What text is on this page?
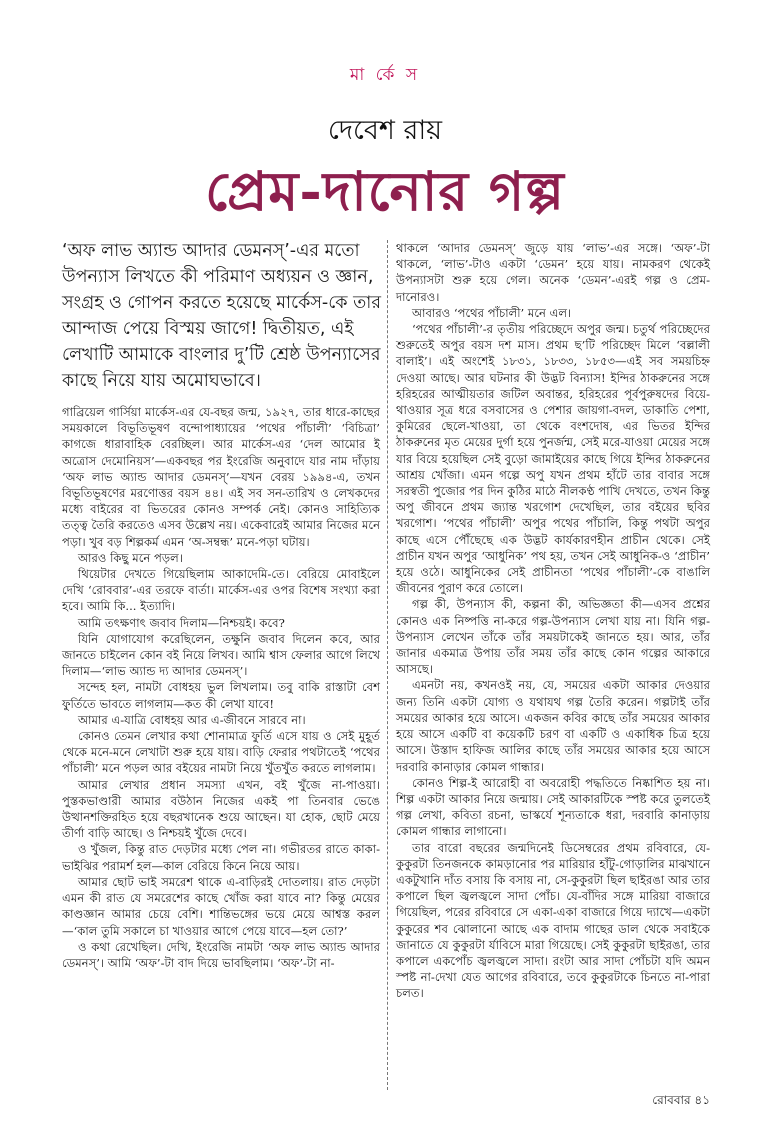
মা র্কে স
দেবেশ রায়
প্রেম-দানোর গল্প
‘অফ লাভ অ্যান্ড আদার ডেমনস্’-এর মতো উপন্যাস লিখতে কী পরিমাণ অধ্যয়ন ও জ্ঞান, সংগ্রহ ও গোপন করতে হয়েছে মার্কেস-কে তার আন্দাজ পেয়ে বিস্ময় জাগে! দ্বিতীয়ত, এই লেখাটি আমাকে বাংলার দু’টি শ্রেষ্ঠ উপন্যাসের কাছে নিয়ে যায় অমোঘভাবে।

গাব্রিয়েল গার্সিয়া মার্কেস-এর যে-বছর জন্ম, ১৯২৭, তার ধারে-কাছের সময়কালে বিভূতিভূষণ বন্দোপাধ্যায়ের ‘পথের পাঁচালী’ ‘বিচিত্রা’ কাগজে ধারাবাহিক বেরচ্ছিল। আর মার্কেস-এর ‘দেল আমোর ই অত্রোস দেমোনিয়স’—একবছর পর ইংরেজি অনুবাদে যার নাম দাঁড়ায় ‘অফ লাভ অ্যান্ড আদার ডেমনস্’—যখন বেরয় ১৯৯৪-এ, তখন বিভূতিভূষণের মরণোত্তর বয়স ৪৪। এই সব সন-তারিখ ও লেখকদের মধ্যে বাইরের বা ভিতরের কোনও সম্পর্ক নেই। কোনও সাহিত্যিক তত্ত্ব তৈরি করতেও এসব উল্লেখ নয়। একেবারেই আমার নিজের মনে পড়া। খুব বড় শিল্পকর্ম এমন ‘অ-সম্বন্ধ’ মনে-পড়া ঘটায়।

আরও কিছু মনে পড়ল।

থিয়েটার দেখতে গিয়েছিলাম আকাদেমি-তে। বেরিয়ে মোবাইলে দেখি ‘রোববার’-এর তরফে বার্তা। মার্কেস-এর ওপর বিশেষ সংখ্যা করা হবে। আমি কি... ইত্যাদি।

আমি তৎক্ষণাৎ জবাব দিলাম—নিশ্চয়ই। কবে?

যিনি যোগাযোগ করেছিলেন, তক্ষুনি জবাব দিলেন কবে, আর জানতে চাইলেন কোন বই নিয়ে লিখব। আমি শ্বাস ফেলার আগে লিখে দিলাম—‘লাভ অ্যান্ড দ্য আদার ডেমনস্’।

সন্দেহ হল, নামটা বোধহয় ভুল লিখলাম। তবু বাকি রাস্তাটা বেশ ফুর্তিতে ভাবতে লাগলাম—কত কী লেখা যাবে!

আমার এ-যাত্রি বোধহয় আর এ-জীবনে সারবে না।

কোনও তেমন লেখার কথা শোনামাত্র ফুর্তি এসে যায় ও সেই মুহূর্ত থেকে মনে-মনে লেখাটা শুরু হয়ে যায়। বাড়ি ফেরার পথটাতেই ‘পথের পাঁচালী’ মনে পড়ল আর বইয়ের নামটা নিয়ে খুঁতখুঁত করতে লাগলাম।

আমার লেখার প্রধান সমস্যা এখন, বই খুঁজে না-পাওয়া। পুস্তকভাণ্ডারী আমার বউঠান নিজের একই পা তিনবার ভেঙে উত্থানশক্তিরহিত হয়ে বছরখানেক শুয়ে আছেন। যা হোক, ছোট মেয়ে তীর্ণা বাড়ি আছে। ও নিশ্চয়ই খুঁজে দেবে।

ও খুঁজল, কিন্তু রাত দেড়টার মধ্যে পেল না। গভীরতর রাতে কাকা-ভাইঝির পরামর্শ হল—কাল বেরিয়ে কিনে নিয়ে আয়।

আমার ছোট ভাই সমরেশ থাকে এ-বাড়িরই দোতলায়। রাত দেড়টা এমন কী রাত যে সমরেশের কাছে খোঁজ করা যাবে না? কিন্তু মেয়ের কাণ্ডজ্ঞান আমার চেয়ে বেশি। শান্তিভঙ্গের ভয়ে মেয়ে আশ্বস্ত করল—‘কাল তুমি সকালে চা খাওয়ার আগে পেয়ে যাবে—হল তো?’

ও কথা রেখেছিল। দেখি, ইংরেজি নামটা ‘অফ লাভ অ্যান্ড আদার ডেমনস্’। আমি ‘অফ’-টা বাদ দিয়ে ভাবছিলাম। ‘অফ’-টা না-

থাকলে ‘আদার ডেমনস্’ জুড়ে যায় ‘লাভ’-এর সঙ্গে। ‘অফ’-টা থাকলে, ‘লাভ’-টাও একটা ‘ডেমন’ হয়ে যায়। নামকরণ থেকেই উপন্যাসটা শুরু হয়ে গেল। অনেক ‘ডেমন’-এরই গল্প ও প্রেম-দানোরও।

আবারও ‘পথের পাঁচালী’ মনে এল।

‘পথের পাঁচালী’-র তৃতীয় পরিচ্ছেদে অপুর জন্ম। চতুর্থ পরিচ্ছেদের শুরুতেই অপুর বয়স দশ মাস। প্রথম ছ’টি পরিচ্ছেদ মিলে ‘বল্লালী বালাই’। এই অংশেই ১৮৩১, ১৮৩৩, ১৮৫৩—এই সব সময়চিহ্ন দেওয়া আছে। আর ঘটনার কী উদ্ভট বিন্যাস! ইন্দির ঠাকরুনের সঙ্গে হরিহরের আত্মীয়তার জটিল অবান্তর, হরিহরের পূর্বপুরুষদের বিয়ে-থাওয়ার সূত্র ধরে বসবাসের ও পেশার জায়গা-বদল, ডাকাতি পেশা, কুমিরের ছেলে-খাওয়া, তা থেকে বংশদোষ, এর ভিতর ইন্দির ঠাকরুনের মৃত মেয়ের দুর্গা হয়ে পুনর্জন্ম, সেই মরে-যাওয়া মেয়ের সঙ্গে যার বিয়ে হয়েছিল সেই বুড়ো জামাইয়ের কাছে গিয়ে ইন্দির ঠাকরুনের আশ্রয় খোঁজা। এমন গল্পে অপু যখন প্রথম হাঁটে তার বাবার সঙ্গে সরস্বতী পুজোর পর দিন কুঠির মাঠে নীলকণ্ঠ পাখি দেখতে, তখন কিন্তু অপু জীবনে প্রথম জ্যান্ত খরগোশ দেখেছিল, তার বইয়ের ছবির খরগোশ। ‘পথের পাঁচালী’ অপুর পথের পাঁচালি, কিন্তু পথটা অপুর কাছে এসে পৌঁছেছে এক উদ্ভট কার্যকারণহীন প্রাচীন থেকে। সেই প্রাচীন যখন অপুর ‘আধুনিক’ পথ হয়, তখন সেই আধুনিক-ও ‘প্রাচীন’ হয়ে ওঠে। আধুনিকের সেই প্রাচীনতা ‘পথের পাঁচালী’-কে বাঙালি জীবনের পুরাণ করে তোলে।

গল্প কী, উপন্যাস কী, কল্পনা কী, অভিজ্ঞতা কী—এসব প্রশ্নের কোনও এক নিষ্পত্তি না-করে গল্প-উপন্যাস লেখা যায় না। যিনি গল্প-উপন্যাস লেখেন তাঁকে তাঁর সময়টাকেই জানতে হয়। আর, তাঁর জানার একমাত্র উপায় তাঁর সময় তাঁর কাছে কোন গল্পের আকারে আসছে।

এমনটা নয়, কখনওই নয়, যে, সময়ের একটা আকার দেওয়ার জন্য তিনি একটা যোগ্য ও যথাযথ গল্প তৈরি করেন। গল্পটাই তাঁর সময়ের আকার হয়ে আসে। একজন কবির কাছে তাঁর সময়ের আকার হয়ে আসে একটি বা কয়েকটি চরণ বা একটি ও একাধিক চিত্র হয়ে আসে। উস্তাদ হাফিজ আলির কাছে তাঁর সময়ের আকার হয়ে আসে দরবারি কানাড়ার কোমল গান্ধার।

কোনও শিল্প-ই আরোহী বা অবরোহী পদ্ধতিতে নিষ্কাশিত হয় না। শিল্প একটা আকার নিয়ে জন্মায়। সেই আকারটিকে স্পষ্ট করে তুলতেই গল্প লেখা, কবিতা রচনা, ভাস্কর্যে শূন্যতাকে ধরা, দরবারি কানাড়ায় কোমল গান্ধার লাগানো।

তার বারো বছরের জন্মদিনেই ডিসেম্বরের প্রথম রবিবারে, যে-কুকুরটা তিনজনকে কামড়ানোর পর মারিয়ার হাঁটু-গোড়ালির মাঝখানে একটুখানি দাঁত বসায় কি বসায় না, সে-কুকুরটা ছিল ছাইরঙা আর তার কপালে ছিল জ্বলজ্বলে সাদা পোঁচ। যে-বাঁদির সঙ্গে মারিয়া বাজারে গিয়েছিল, পরের রবিবারে সে একা-একা বাজারে গিয়ে দ্যাখে—একটা কুকুরের শব ঝোলানো আছে এক বাদাম গাছের ডাল থেকে সবাইকে জানাতে যে কুকুরটা র্যাবিসে মারা গিয়েছে। সেই কুকুরটা ছাইরঙা, তার কপালে একপোঁচ জ্বলজ্বলে সাদা। রংটা আর সাদা পোঁচটা যদি অমন স্পষ্ট না-দেখা যেত আগের রবিবারে, তবে কুকুরটাকে চিনতে না-পারা চলত।

রোববার ৪১
